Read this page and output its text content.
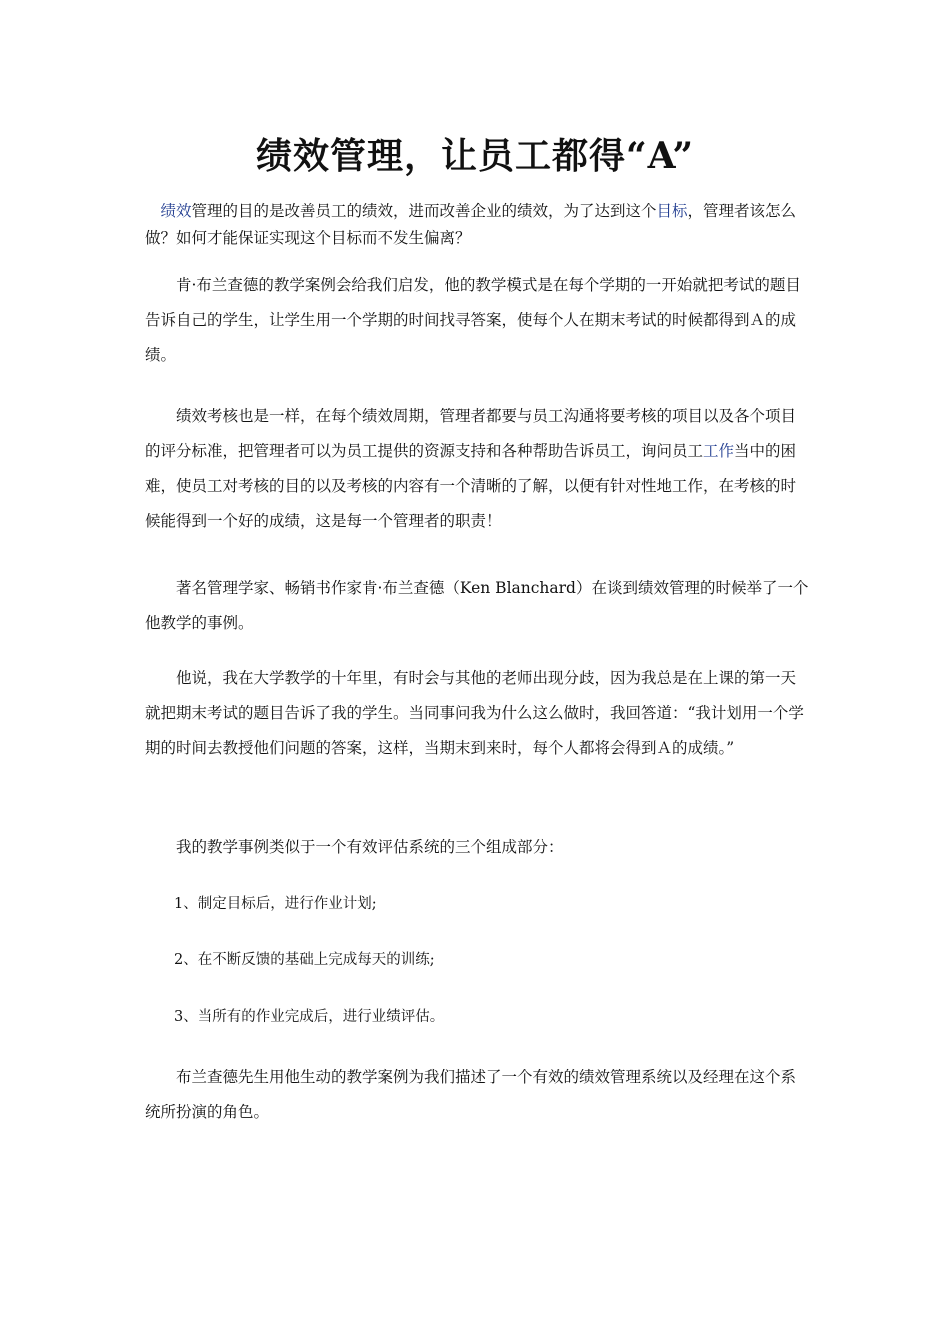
绩效管理，让员工都得“A”

绩效管理的目的是改善员工的绩效，进而改善企业的绩效，为了达到这个目标，管理者该怎么做？如何才能保证实现这个目标而不发生偏离？

肯·布兰查德的教学案例会给我们启发，他的教学模式是在每个学期的一开始就把考试的题目告诉自己的学生，让学生用一个学期的时间找寻答案，使每个人在期末考试的时候都得到Ａ的成绩。

绩效考核也是一样，在每个绩效周期，管理者都要与员工沟通将要考核的项目以及各个项目的评分标准，把管理者可以为员工提供的资源支持和各种帮助告诉员工，询问员工工作当中的困难，使员工对考核的目的以及考核的内容有一个清晰的了解，以便有针对性地工作，在考核的时候能得到一个好的成绩，这是每一个管理者的职责！

著名管理学家、畅销书作家肯·布兰查德（Ken Blanchard）在谈到绩效管理的时候举了一个他教学的事例。

他说，我在大学教学的十年里，有时会与其他的老师出现分歧，因为我总是在上课的第一天就把期末考试的题目告诉了我的学生。当同事问我为什么这么做时，我回答道：“我计划用一个学期的时间去教授他们问题的答案，这样，当期末到来时，每个人都将会得到Ａ的成绩。”

我的教学事例类似于一个有效评估系统的三个组成部分：

1、制定目标后，进行作业计划;

2、在不断反馈的基础上完成每天的训练;

3、当所有的作业完成后，进行业绩评估。

布兰查德先生用他生动的教学案例为我们描述了一个有效的绩效管理系统以及经理在这个系统所扮演的角色。
